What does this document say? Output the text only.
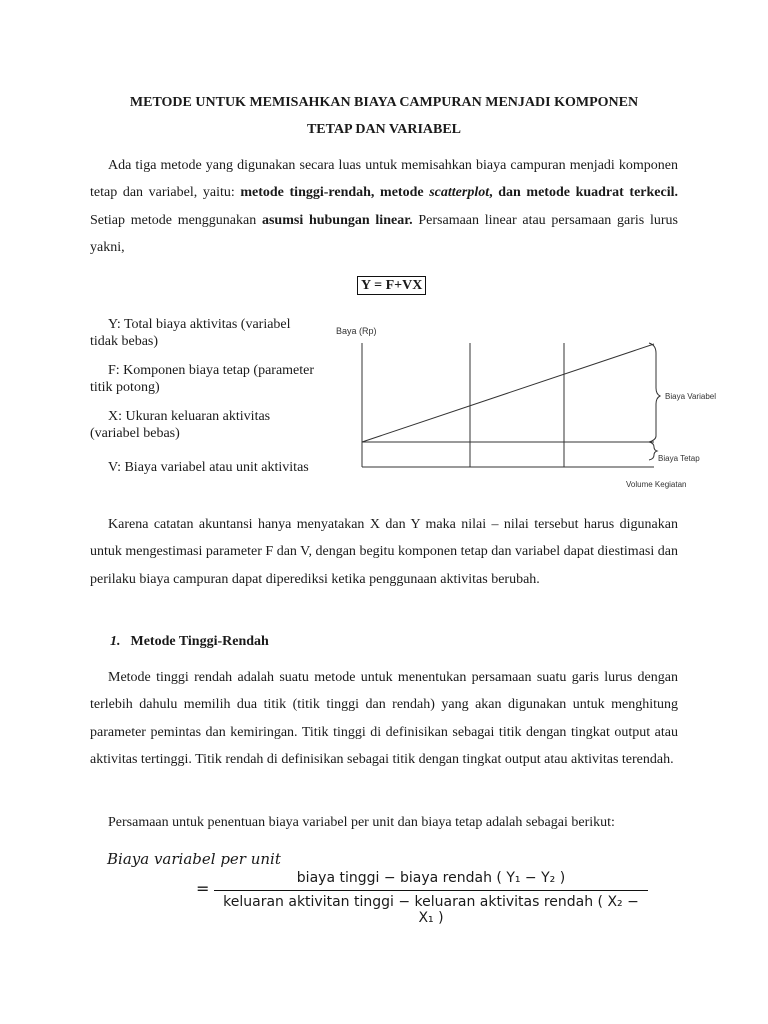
METODE UNTUK MEMISAHKAN BIAYA CAMPURAN MENJADI KOMPONEN
TETAP DAN VARIABEL

Ada tiga metode yang digunakan secara luas untuk memisahkan biaya campuran menjadi komponen tetap dan variabel, yaitu: metode tinggi-rendah, metode scatterplot, dan metode kuadrat terkecil. Setiap metode menggunakan asumsi hubungan linear. Persamaan linear atau persamaan garis lurus yakni,

Y = F+VX
Y: Total biaya aktivitas (variabel tidak bebas)
F: Komponen biaya tetap (parameter titik potong)
X: Ukuran keluaran aktivitas (variabel bebas)
V: Biaya variabel atau unit aktivitas
Baya (Rp)
Biaya Variabel
Biaya Tetap
Volume Kegiatan

Karena catatan akuntansi hanya menyatakan X dan Y maka nilai – nilai tersebut harus digunakan untuk mengestimasi parameter F dan V, dengan begitu komponen tetap dan variabel dapat diestimasi dan perilaku biaya campuran dapat diperediksi ketika penggunaan aktivitas berubah.

1. Metode Tinggi-Rendah

Metode tinggi rendah adalah suatu metode untuk menentukan persamaan suatu garis lurus dengan terlebih dahulu memilih dua titik (titik tinggi dan rendah) yang akan digunakan untuk menghitung parameter pemintas dan kemiringan. Titik tinggi di definisikan sebagai titik dengan tingkat output atau aktivitas tertinggi. Titik rendah di definisikan sebagai titik dengan tingkat output atau aktivitas terendah.

Persamaan untuk penentuan biaya variabel per unit dan biaya tetap adalah sebagai berikut:

Biaya variabel per unit
=
biaya tinggi − biaya rendah ( Y₁ − Y₂ )
keluaran aktivitan tinggi − keluaran aktivitas rendah ( X₂ − X₁ )
